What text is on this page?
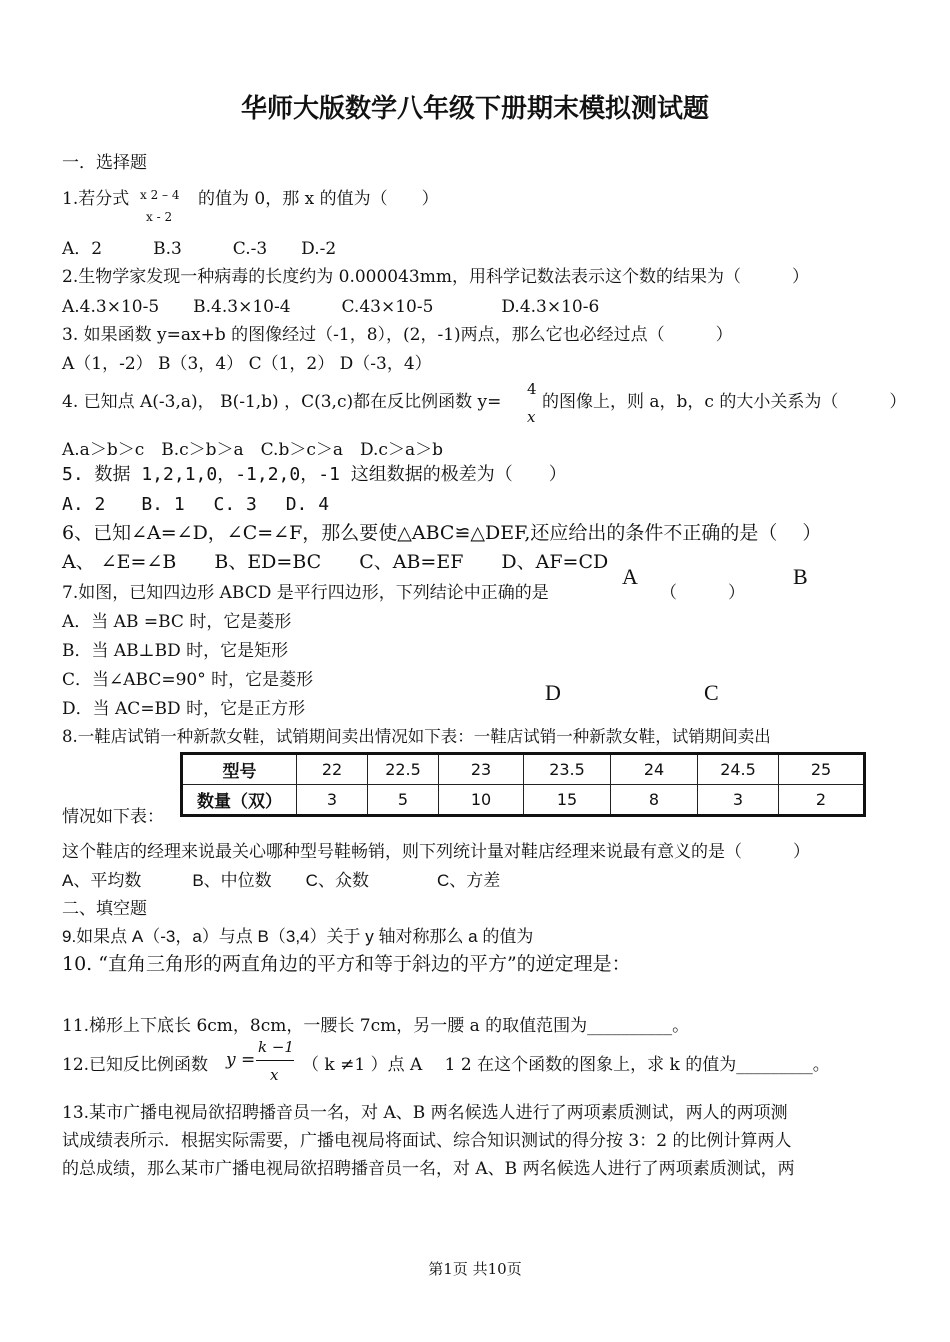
华师大版数学八年级下册期末模拟测试题
一．选择题
1.若分式 x 2 – 4 的值为 0，那 x 的值为（　　）
x - 2
A．2　　　B.3　　　C.-3　　D.-2
2.生物学家发现一种病毒的长度约为 0.000043mm，用科学记数法表示这个数的结果为（　　　）
A.4.3×10-5　　B.4.3×10-4　　　C.43×10-5　　　　D.4.3×10-6
3. 如果函数 y=ax+b 的图像经过（-1，8），(2，-1)两点，那么它也必经过点（　　　）
A（1，-2） B（3，4） C（1，2） D（-3，4）
4. 已知点 A(-3,a)， B(-1,b) ，C(3,c)都在反比例函数 y=
4
x
的图像上，则 a，b，c 的大小关系为（　　　）
A.a＞b＞c　B.c＞b＞a　C.b＞c＞a　D.c＞a＞b
5. 数据 1,2,1,0，-1,2,0，-1 这组数据的极差为（　　）
A. 2　　B. 1　 C. 3　 D. 4
6、已知∠A=∠D，∠C=∠F，那么要使△ABC≌△DEF,还应给出的条件不正确的是（　 ）
A、 ∠E=∠B　　B、ED=BC　　C、AB=EF　　D、AF=CD
7.如图，已知四边形 ABCD 是平行四边形，下列结论中正确的是	（　　　）
A．当 AB =BC 时，它是菱形
B．当 AB⊥BD 时，它是矩形
C．当∠ABC=90° 时，它是菱形
D．当 AC=BD 时，它是正方形
A	B
D	C
8.一鞋店试销一种新款女鞋，试销期间卖出情况如下表：一鞋店试销一种新款女鞋，试销期间卖出
情况如下表：
型号	22	22.5	23	23.5	24	24.5	25
数量（双）	3	5	10	15	8	3	2
这个鞋店的经理来说最关心哪种型号鞋畅销，则下列统计量对鞋店经理来说最有意义的是（　　　）
A、平均数　　　B、中位数　　C、众数　　　　C、方差
二、填空题
9.如果点 A（-3，a）与点 B（3,4）关于 y 轴对称那么 a 的值为
10. “直角三角形的两直角边的平方和等于斜边的平方”的逆定理是：
11.梯形上下底长 6cm，8cm，一腰长 7cm，另一腰 a 的取值范围为__________。
12.已知反比例函数 y =
k −1
x （ k ≠1 ）点 A　 1 2 在这个函数的图象上，求 k 的值为_________。
13.某市广播电视局欲招聘播音员一名，对 A、B 两名候选人进行了两项素质测试，两人的两项测
试成绩表所示．根据实际需要，广播电视局将面试、综合知识测试的得分按 3：2 的比例计算两人
的总成绩，那么某市广播电视局欲招聘播音员一名，对 A、B 两名候选人进行了两项素质测试，两
第1页 共10页
